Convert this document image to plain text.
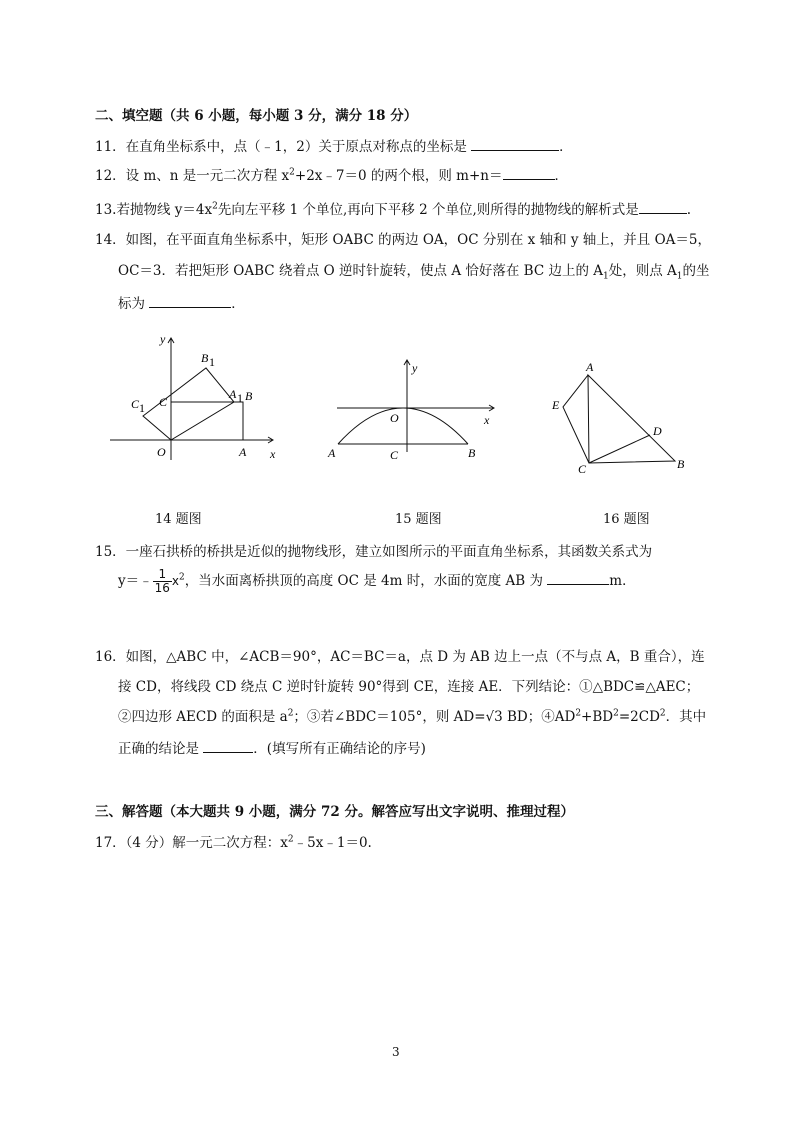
二、填空题（共 6 小题，每小题 3 分，满分 18 分）
11．在直角坐标系中，点（﹣1，2）关于原点对称点的坐标是	．
12．设 m、n 是一元二次方程 $x^2+2x﹣7=0$ 的两个根，则 m+n＝	．
13.若抛物线 $y=4x^2$先向左平移 1 个单位,再向下平移 2 个单位,则所得的抛物线的解析式是	.
14．如图，在平面直角坐标系中，矩形 OABC 的两边 OA，OC 分别在 x 轴和 y 轴上，并且 OA＝5，
OC＝3．若把矩形 OABC 绕着点 O 逆时针旋转，使点 A 恰好落在 BC 边上的 $A_1$处，则点 $A_1$的坐
标为	．
y
x
O	A
B
C
C 1
B 1
A 1
y
x
O
A	B
C
A
E
D
B
C
14 题图	15 题图	16 题图
15．一座石拱桥的桥拱是近似的抛物线形，建立如图所示的平面直角坐标系，其函数关系式为
y＝﹣ $\frac{1}{16} x^2$，当水面离桥拱顶的高度 OC 是 4m 时，水面的宽度 AB 为	m．
16．如图，△ABC 中，∠ACB＝90°，AC＝BC＝a，点 D 为 AB 边上一点（不与点 A，B 重合），连
接 CD，将线段 CD 绕点 C 逆时针旋转 90°得到 CE，连接 AE．下列结论：①△BDC≌△AEC；
②四边形 AECD 的面积是 $a^2$；③若∠BDC＝105°，则 AD=√3 BD；$④AD^2+BD^2=2CD^2$．其中
正确的结论是	．(填写所有正确结论的序号)
三、解答题（本大题共 9 小题，满分 72 分。解答应写出文字说明、推理过程）
17．（4 分）解一元二次方程：$x^2﹣5x﹣1=0$.
3
